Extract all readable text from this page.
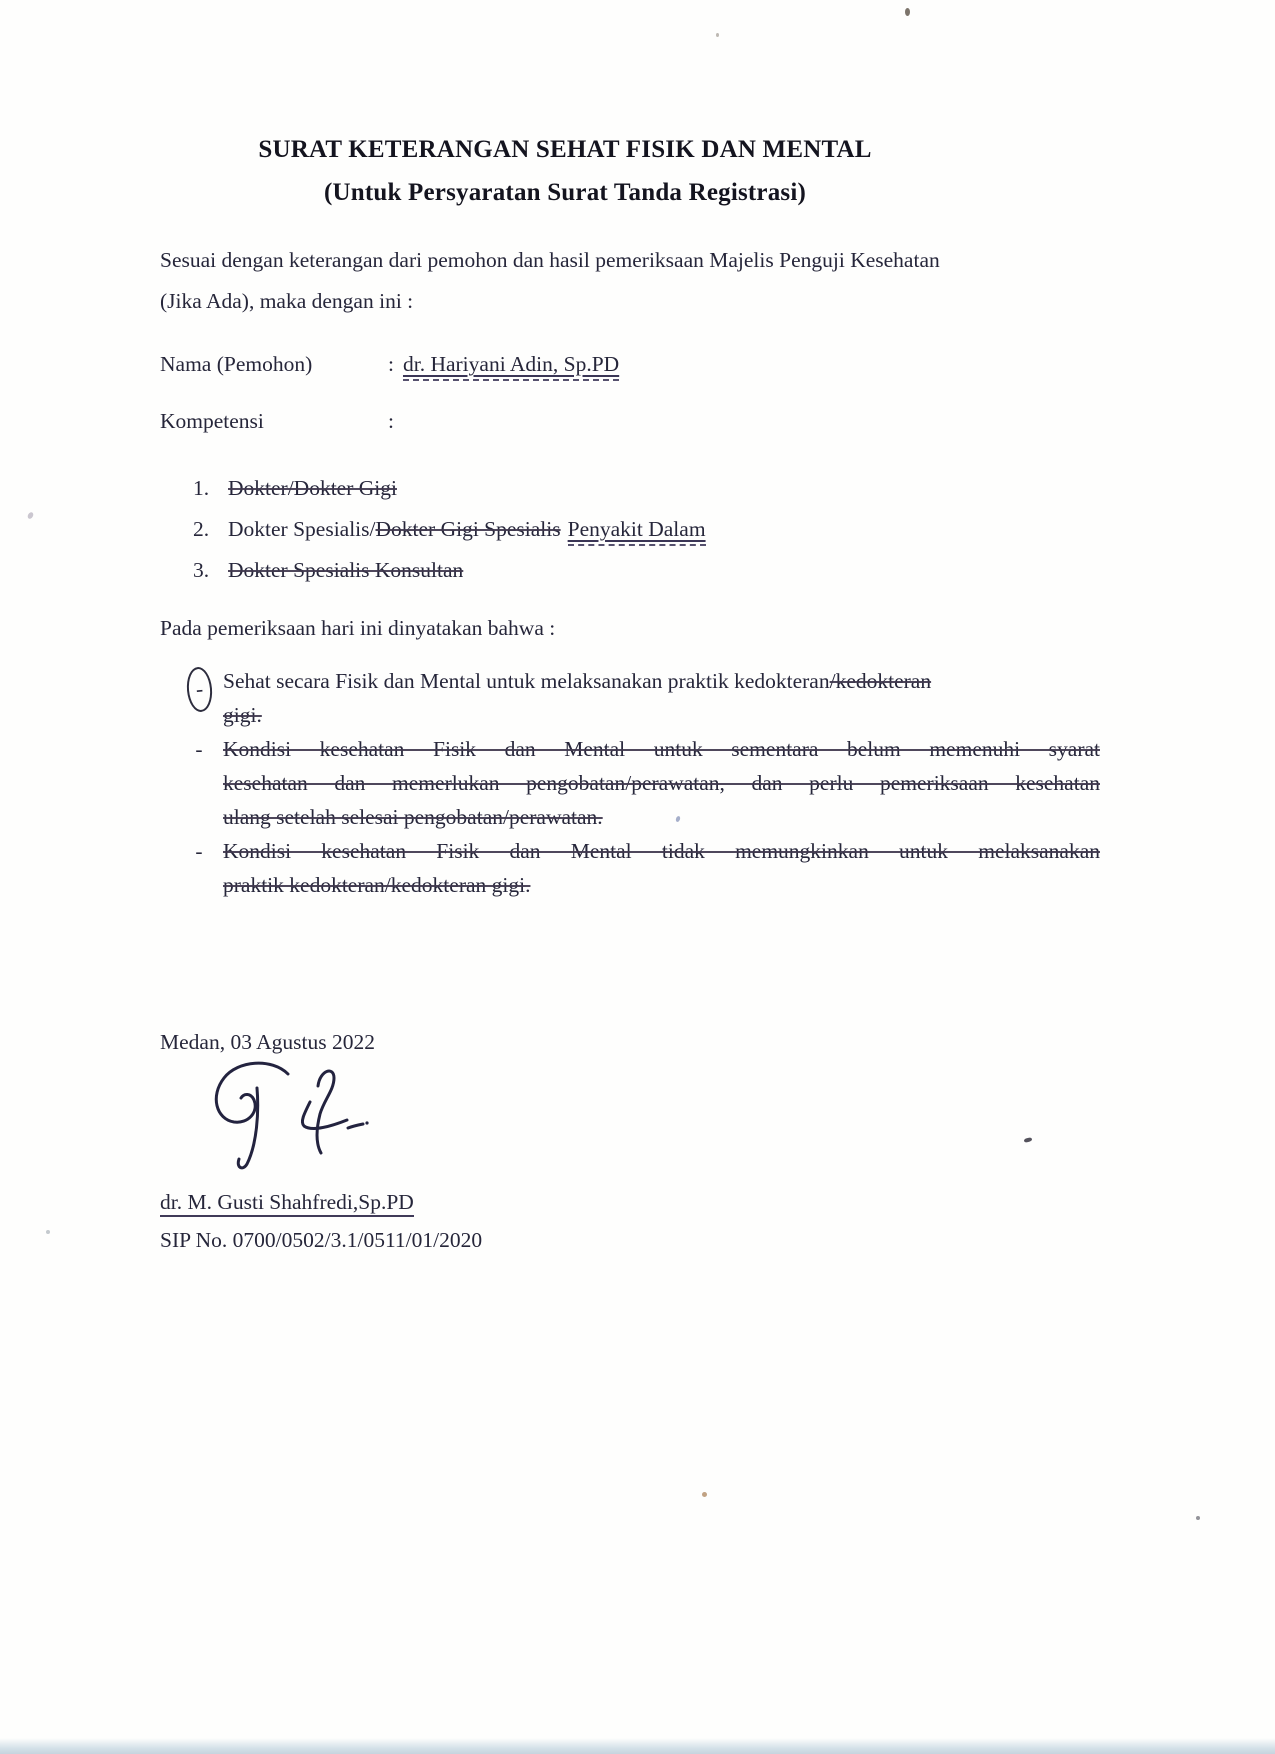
SURAT KETERANGAN SEHAT FISIK DAN MENTAL
(Untuk Persyaratan Surat Tanda Registrasi)
Sesuai dengan keterangan dari pemohon dan hasil pemeriksaan Majelis Penguji Kesehatan
(Jika Ada), maka dengan ini :
Nama (Pemohon)	: dr. Hariyani Adin, Sp.PD
Kompetensi	:
1. Dokter/Dokter Gigi
2. Dokter Spesialis/Dokter Gigi Spesialis Penyakit Dalam
3. Dokter Spesialis Konsultan
Pada pemeriksaan hari ini dinyatakan bahwa :
- Sehat secara Fisik dan Mental untuk melaksanakan praktik kedokteran/kedokteran
gigi.
- Kondisi kesehatan Fisik dan Mental untuk sementara belum memenuhi syarat
kesehatan dan memerlukan pengobatan/perawatan, dan perlu pemeriksaan kesehatan
ulang setelah selesai pengobatan/perawatan.
- Kondisi kesehatan Fisik dan Mental tidak memungkinkan untuk melaksanakan
praktik kedokteran/kedokteran gigi.
Medan, 03 Agustus 2022
dr. M. Gusti Shahfredi,Sp.PD
SIP No. 0700/0502/3.1/0511/01/2020
